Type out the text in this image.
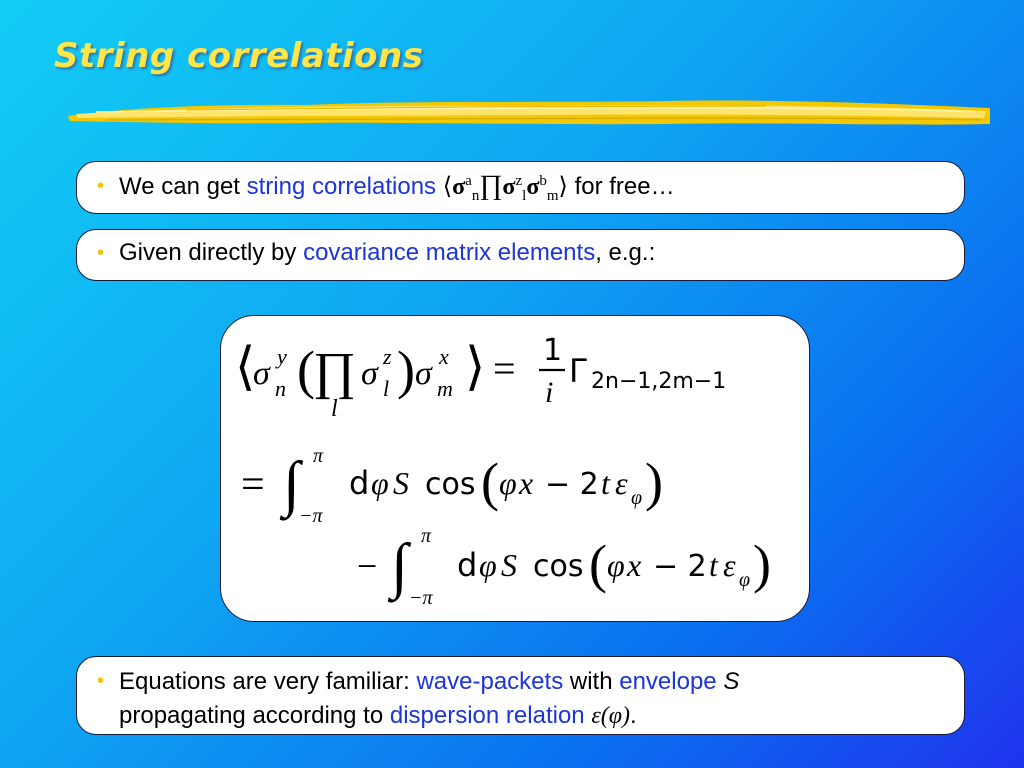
String correlations
• We can get string correlations $⟨\sigma^a_n\prod\sigma^z_l\sigma^b_m⟩$ for free…
• Given directly by covariance matrix elements, e.g.:
⟨
σ y
n (
∏
l
σ z
l ) σ x
m ⟩ = 1
i
Γ 2n−1,2m−1
= ∫ π
−π
d φ S cos ( φ x − 2 t ε φ )
− ∫ π
−π
d φ S cos ( φ x − 2 t ε φ )
• Equations are very familiar: wave-packets with envelope S
propagating according to dispersion relation ε(φ).
